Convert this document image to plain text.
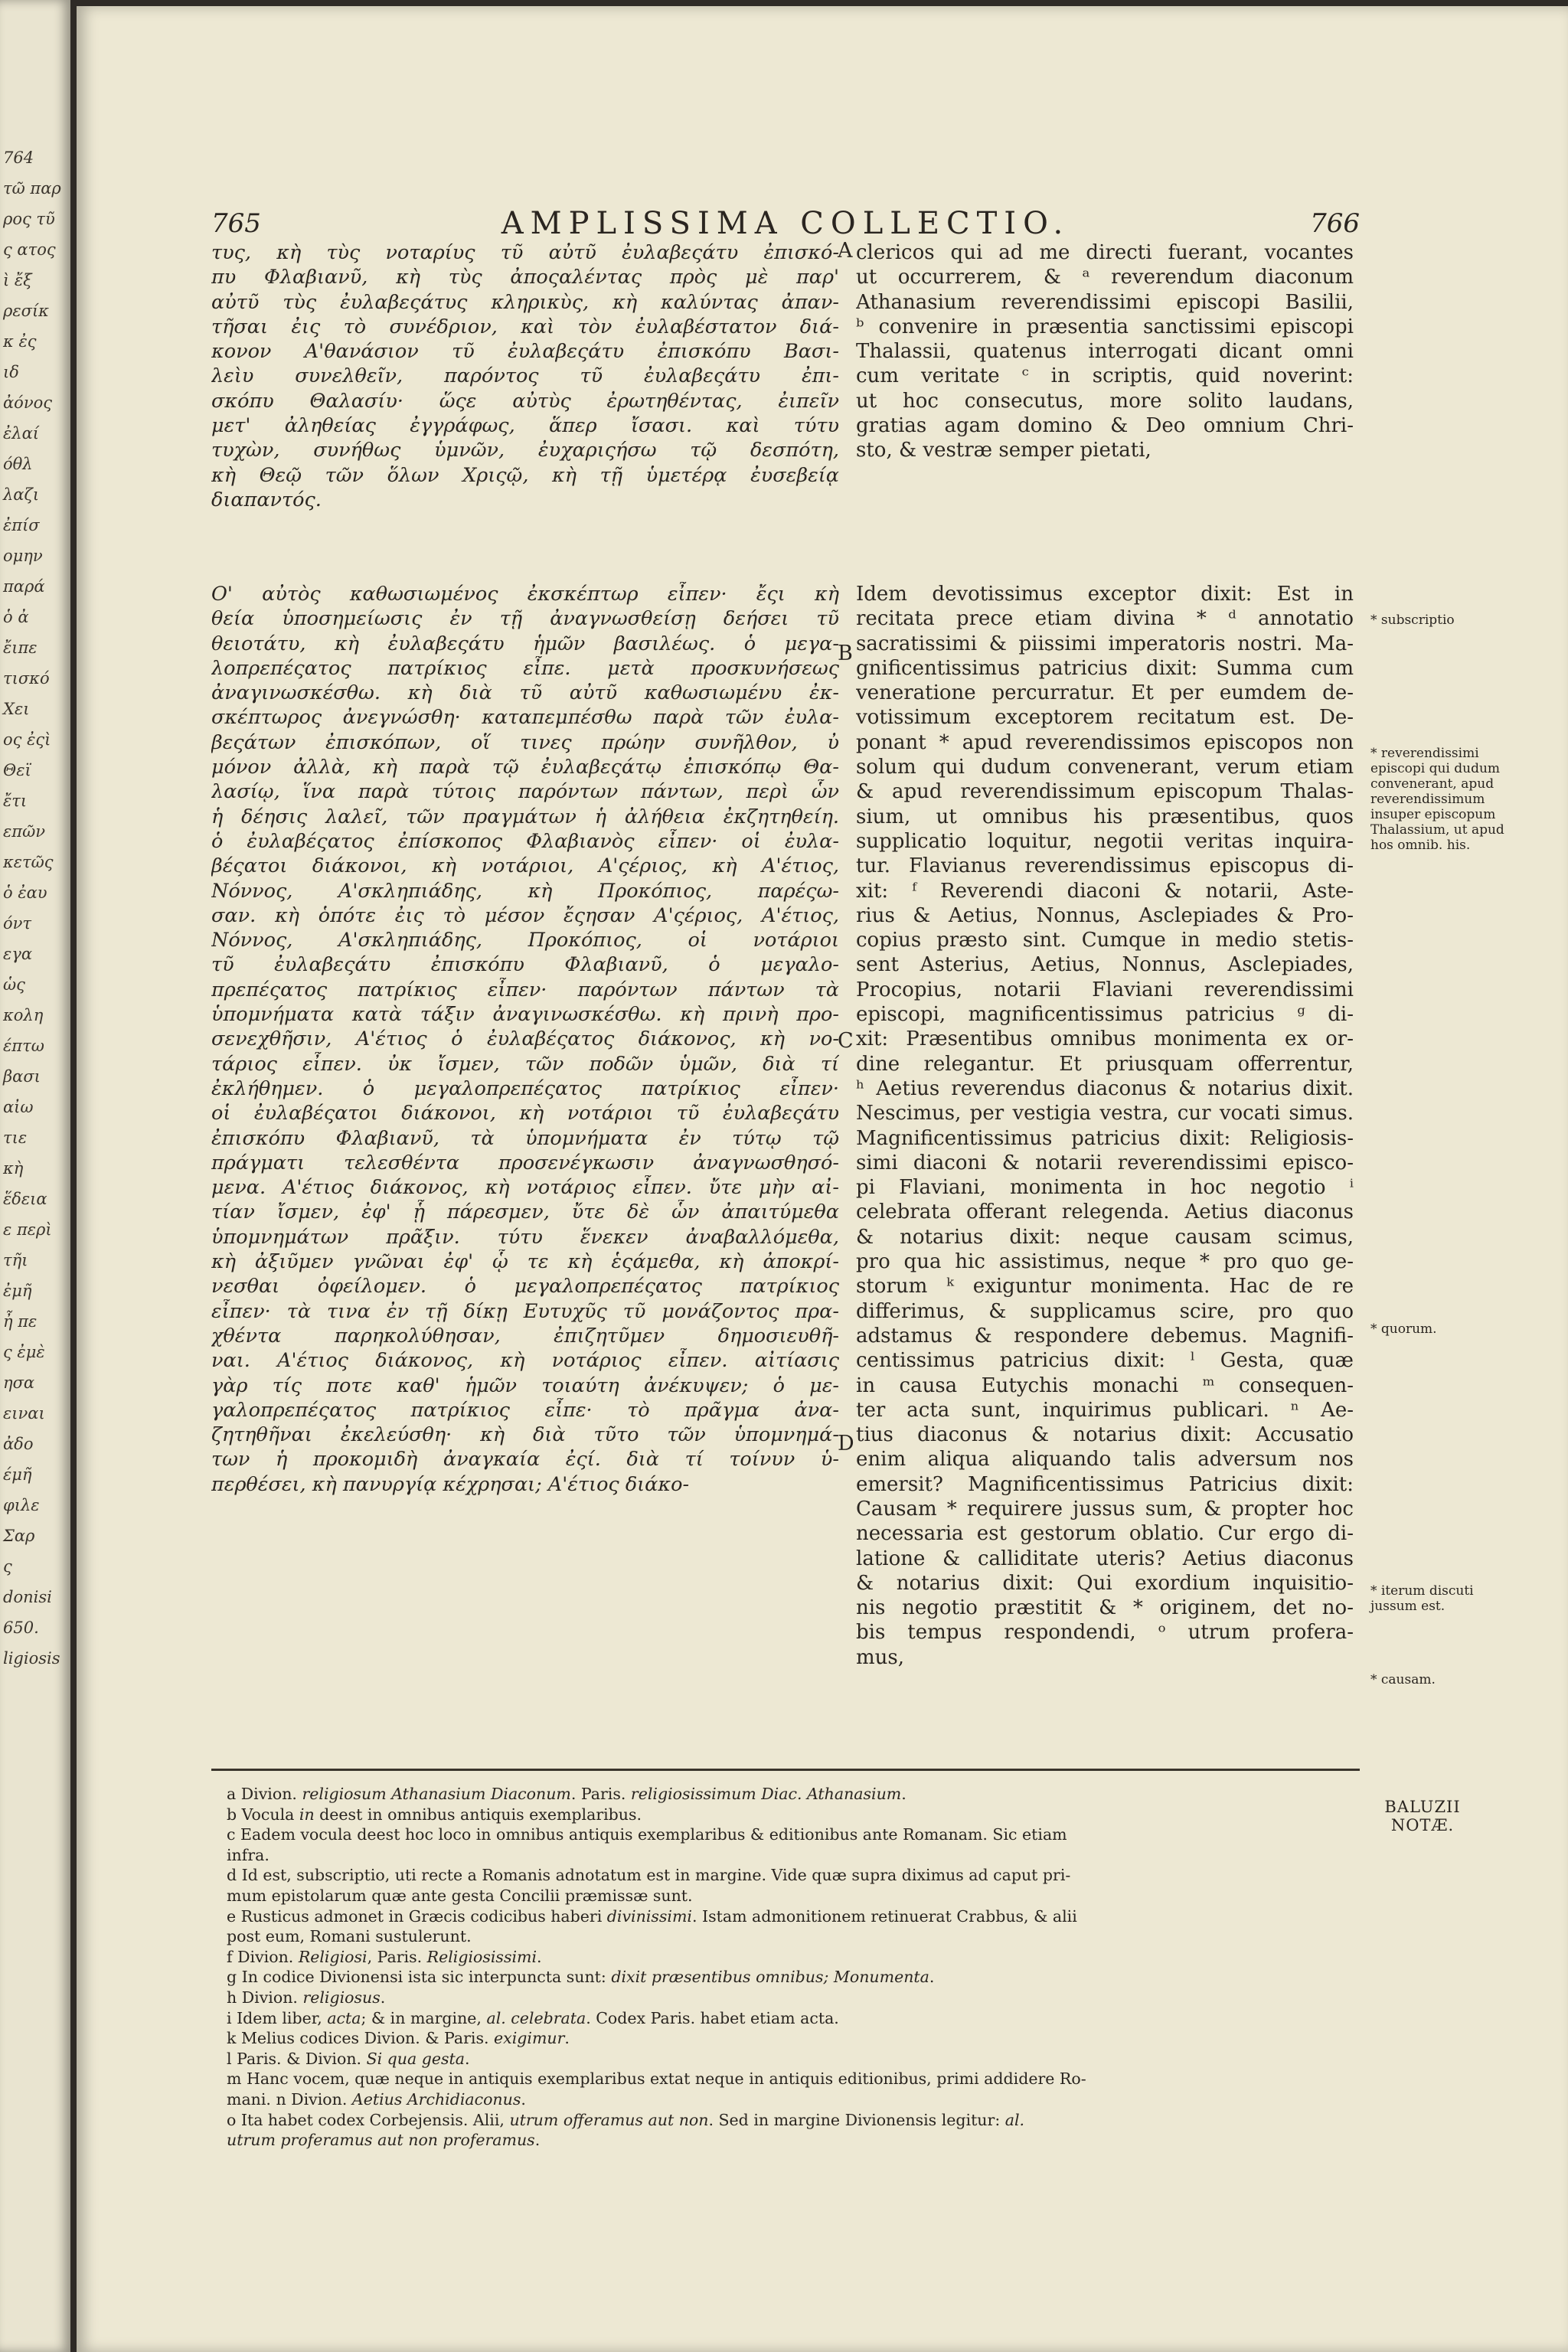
764
τῶ παρ
ρος τῦ
ς ατος
ὶ ἔξ
ρεσίκ
κ ἐς
ιδ
ἀόνος
ἐλαί
όθλ
λαζι
ἐπίσ
ομην
παρά
ὁ ἀ
ἔιπε
τισκό
Χει
ος ἐςὶ
Θεϊ
ἔτι
επῶν
κετῶς
ὁ ἐαυ
όντ
εγα
ὡς
κολη
έπτω
βασι
αἰω
τιε
κὴ
ἕδεια
ε περὶ
τῆι
ἐμῆ
ἦ πε
ς ἐμὲ
ησα
ειναι
ἀδο
έμῆ
φιλε
Σαρ
ς
donisi
650.
ligiosis
765	AMPLISSIMA COLLECTIO.	766
τυς, κὴ τὺς νοταρίυς τῦ αὐτῦ ἐυλαβεςάτυ ἐπισκό-
πυ Φλαβιανῦ, κὴ τὺς ἀποςαλέντας πρὸς μὲ παρ'
αὐτῦ τὺς ἐυλαβεςάτυς κληρικὺς, κὴ καλύντας ἀπαν-
τῆσαι ἐις τὸ συνέδριον, καὶ τὸν ἐυλαβέστατον διά-
κονον Α'θανάσιον τῦ ἐυλαβεςάτυ ἐπισκόπυ Βασι-
λεὶυ συνελθεῖν, παρόντος τῦ ἐυλαβεςάτυ ἐπι-
σκόπυ Θαλασίυ· ὥςε αὐτὺς ἐρωτηθέντας, ἐιπεῖν
μετ' ἀληθείας ἐγγράφως, ἅπερ ἴσασι. καὶ τύτυ
τυχὼν, συνήθως ὑμνῶν, ἐυχαριςήσω τῷ δεσπότη,
κὴ Θεῷ τῶν ὅλων Χριςῷ, κὴ τῇ ὑμετέρᾳ ἐυσεβείᾳ
διαπαντός.
Ο' αὐτὸς καθωσιωμένος ἐκσκέπτωρ εἶπεν· ἔςι κὴ
θεία ὑποσημείωσις ἐν τῇ ἀναγνωσθείσῃ δεήσει τῦ
θειοτάτυ, κὴ ἐυλαβεςάτυ ἡμῶν βασιλέως. ὁ μεγα-
λοπρεπέςατος πατρίκιος εἶπε. μετὰ προσκυνήσεως
ἀναγινωσκέσθω. κὴ διὰ τῦ αὐτῦ καθωσιωμένυ ἐκ-
σκέπτωρος ἀνεγνώσθη· καταπεμπέσθω παρὰ τῶν ἐυλα-
βεςάτων ἐπισκόπων, οἵ τινες πρώην συνῆλθον, ὐ
μόνον ἀλλὰ, κὴ παρὰ τῷ ἐυλαβεςάτῳ ἐπισκόπῳ Θα-
λασίῳ, ἵνα παρὰ τύτοις παρόντων πάντων, περὶ ὧν
ἡ δέησις λαλεῖ, τῶν πραγμάτων ἡ ἀλήθεια ἐκζητηθείη.
ὁ ἐυλαβέςατος ἐπίσκοπος Φλαβιανὸς εἶπεν· οἱ ἐυλα-
βέςατοι διάκονοι, κὴ νοτάριοι, Α'ςέριος, κὴ Α'έτιος,
Νόννος, Α'σκληπιάδης, κὴ Προκόπιος, παρέςω-
σαν. κὴ ὁπότε ἐις τὸ μέσον ἔςησαν Α'ςέριος, Α'έτιος,
Νόννος, Α'σκληπιάδης, Προκόπιος, οἱ νοτάριοι
τῦ ἐυλαβεςάτυ ἐπισκόπυ Φλαβιανῦ, ὁ μεγαλο-
πρεπέςατος πατρίκιος εἶπεν· παρόντων πάντων τὰ
ὑπομνήματα κατὰ τάξιν ἀναγινωσκέσθω. κὴ πρινὴ προ-
σενεχθῆσιν, Α'έτιος ὁ ἐυλαβέςατος διάκονος, κὴ νο-
τάριος εἶπεν. ὐκ ἴσμεν, τῶν ποδῶν ὑμῶν, διὰ τί
ἐκλήθημεν. ὁ μεγαλοπρεπέςατος πατρίκιος εἶπεν·
οἱ ἐυλαβέςατοι διάκονοι, κὴ νοτάριοι τῦ ἐυλαβεςάτυ
ἐπισκόπυ Φλαβιανῦ, τὰ ὑπομνήματα ἐν τύτῳ τῷ
πράγματι τελεσθέντα προσενέγκωσιν ἀναγνωσθησό-
μενα. Α'έτιος διάκονος, κὴ νοτάριος εἶπεν. ὔτε μὴν αἰ-
τίαν ἴσμεν, ἐφ' ᾗ πάρεσμεν, ὔτε δὲ ὧν ἀπαιτύμεθα
ὑπομνημάτων πρᾶξιν. τύτυ ἕνεκεν ἀναβαλλόμεθα,
κὴ ἀξιῦμεν γνῶναι ἐφ' ᾧ τε κὴ ἑςάμεθα, κὴ ἀποκρί-
νεσθαι ὀφείλομεν. ὁ μεγαλοπρεπέςατος πατρίκιος
εἶπεν· τὰ τινα ἐν τῇ δίκῃ Ευτυχῦς τῦ μονάζοντος πρα-
χθέντα παρηκολύθησαν, ἐπιζητῦμεν δημοσιευθῆ-
ναι. Α'έτιος διάκονος, κὴ νοτάριος εἶπεν. αἰτίασις
γὰρ τίς ποτε καθ' ἡμῶν τοιαύτη ἀνέκυψεν; ὁ με-
γαλοπρεπέςατος πατρίκιος εἶπε· τὸ πρᾶγμα ἀνα-
ζητηθῆναι ἐκελεύσθη· κὴ διὰ τῦτο τῶν ὑπομνημά-
των ἡ προκομιδὴ ἀναγκαία ἐςί. διὰ τί τοίνυν ὑ-
περθέσει, κὴ πανυργίᾳ κέχρησαι; Α'έτιος διάκο-
clericos qui ad me directi fuerant, vocantes
ut occurrerem, & ᵃ reverendum diaconum
Athanasium reverendissimi episcopi Basilii,
ᵇ convenire in præsentia sanctissimi episcopi
Thalassii, quatenus interrogati dicant omni
cum veritate ᶜ in scriptis, quid noverint:
ut hoc consecutus, more solito laudans,
gratias agam domino & Deo omnium Chri-
sto, & vestræ semper pietati,
Idem devotissimus exceptor dixit: Est in
recitata prece etiam divina * ᵈ annotatio
sacratissimi & piissimi imperatoris nostri. Ma-
gnificentissimus patricius dixit: Summa cum
veneratione percurratur. Et per eumdem de-
votissimum exceptorem recitatum est. De-
ponant * apud reverendissimos episcopos non
solum qui dudum convenerant, verum etiam
& apud reverendissimum episcopum Thalas-
sium, ut omnibus his præsentibus, quos
supplicatio loquitur, negotii veritas inquira-
tur. Flavianus reverendissimus episcopus di-
xit: ᶠ Reverendi diaconi & notarii, Aste-
rius & Aetius, Nonnus, Asclepiades & Pro-
copius præsto sint. Cumque in medio stetis-
sent Asterius, Aetius, Nonnus, Asclepiades,
Procopius, notarii Flaviani reverendissimi
episcopi, magnificentissimus patricius ᵍ di-
xit: Præsentibus omnibus monimenta ex or-
dine relegantur. Et priusquam offerrentur,
ʰ Aetius reverendus diaconus & notarius dixit.
Nescimus, per vestigia vestra, cur vocati simus.
Magnificentissimus patricius dixit: Religiosis-
simi diaconi & notarii reverendissimi episco-
pi Flaviani, monimenta in hoc negotio ⁱ
celebrata offerant relegenda. Aetius diaconus
& notarius dixit: neque causam scimus,
pro qua hic assistimus, neque * pro quo ge-
storum ᵏ exiguntur monimenta. Hac de re
differimus, & supplicamus scire, pro quo
adstamus & respondere debemus. Magnifi-
centissimus patricius dixit: ˡ Gesta, quæ
in causa Eutychis monachi ᵐ consequen-
ter acta sunt, inquirimus publicari. ⁿ Ae-
tius diaconus & notarius dixit: Accusatio
enim aliqua aliquando talis adversum nos
emersit? Magnificentissimus Patricius dixit:
Causam * requirere jussus sum, & propter hoc
necessaria est gestorum oblatio. Cur ergo di-
latione & calliditate uteris? Aetius diaconus
& notarius dixit: Qui exordium inquisitio-
nis negotio præstitit & * originem, det no-
bis tempus respondendi, ᵒ utrum profera-
mus,
A
B
C
D
* subscriptio
* reverendissimi episcopi qui dudum convenerant, apud reverendissimum insuper episcopum Thalassium, ut apud hos omnib. his.
* quorum.
* iterum discuti jussum est.
* causam.
a Divion. religiosum Athanasium Diaconum. Paris. religiosissimum Diac. Athanasium.
b Vocula in deest in omnibus antiquis exemplaribus.
c Eadem vocula deest hoc loco in omnibus antiquis exemplaribus & editionibus ante Romanam. Sic etiam
infra.
d Id est, subscriptio, uti recte a Romanis adnotatum est in margine. Vide quæ supra diximus ad caput pri-
mum epistolarum quæ ante gesta Concilii præmissæ sunt.
e Rusticus admonet in Græcis codicibus haberi divinissimi. Istam admonitionem retinuerat Crabbus, & alii
post eum, Romani sustulerunt.
f Divion. Religiosi, Paris. Religiosissimi.
g In codice Divionensi ista sic interpuncta sunt: dixit præsentibus omnibus; Monumenta.
h Divion. religiosus.
i Idem liber, acta; & in margine, al. celebrata. Codex Paris. habet etiam acta.
k Melius codices Divion. & Paris. exigimur.
l Paris. & Divion. Si qua gesta.
m Hanc vocem, quæ neque in antiquis exemplaribus extat neque in antiquis editionibus, primi addidere Ro-
mani. n Divion. Aetius Archidiaconus.
o Ita habet codex Corbejensis. Alii, utrum offeramus aut non. Sed in margine Divionensis legitur: al.
utrum proferamus aut non proferamus.
BALUZII
NOTÆ.
